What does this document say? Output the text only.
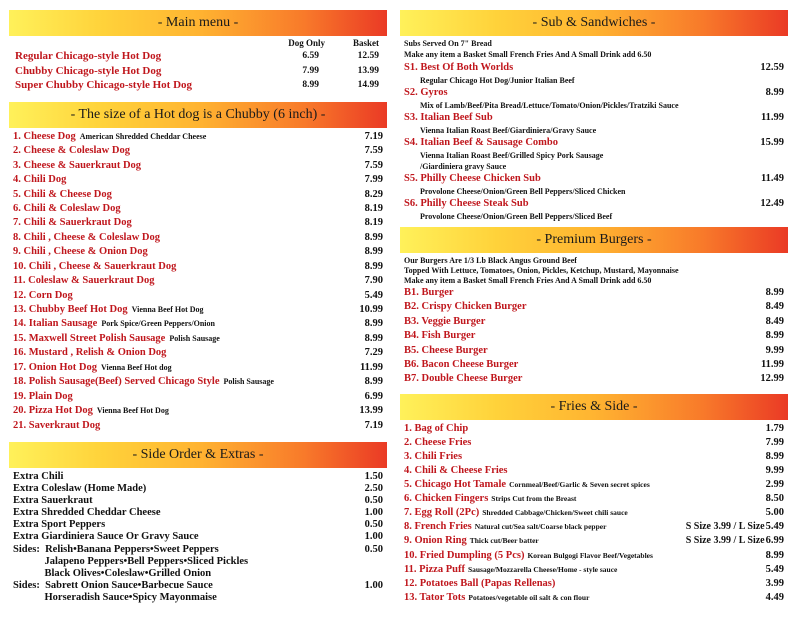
- Main menu -
Dog Only	Basket
Regular Chicago-style Hot Dog	6.59	12.59
Chubby Chicago-style Hot Dog	7.99	13.99
Super Chubby Chicago-style Hot Dog	8.99	14.99
- The size of a Hot dog is a Chubby (6 inch) -
1. Cheese Dog American Shredded Cheddar Cheese	7.19
2. Cheese & Coleslaw Dog	7.59
3. Cheese & Sauerkraut Dog	7.59
4. Chili Dog	7.99
5. Chili & Cheese Dog	8.29
6. Chili & Coleslaw Dog	8.19
7. Chili & Sauerkraut Dog	8.19
8. Chili , Cheese & Coleslaw Dog	8.99
9. Chili , Cheese & Onion Dog	8.99
10. Chili , Cheese & Sauerkraut Dog	8.99
11. Coleslaw & Sauerkraut Dog	7.90
12. Corn Dog	5.49
13. Chubby Beef Hot Dog Vienna Beef Hot Dog	10.99
14. Italian Sausage Pork Spice/Green Peppers/Onion	8.99
15. Maxwell Street Polish Sausage Polish Sausage	8.99
16. Mustard , Relish & Onion Dog	7.29
17. Onion Hot Dog Vienna Beef Hot dog	11.99
18. Polish Sausage(Beef) Served Chicago Style Polish Sausage	8.99
19. Plain Dog	6.99
20. Pizza Hot Dog Vienna Beef Hot Dog	13.99
21. Saverkraut Dog	7.19
- Side Order & Extras -
Extra Chili	1.50
Extra Coleslaw (Home Made)	2.50
Extra Sauerkraut	0.50
Extra Shredded Cheddar Cheese	1.00
Extra Sport Peppers	0.50
Extra Giardiniera Sauce Or Gravy Sauce	1.00
Sides:  Relish•Banana Peppers•Sweet Peppers	0.50
Jalapeno Peppers•Bell Peppers•Sliced Pickles
Black Olives•Coleslaw•Grilled Onion
Sides:  Sabrett Onion Sauce•Barbecue Sauce	1.00
Horseradish Sauce•Spicy Mayonmaise
- Sub & Sandwiches -
Subs Served On 7" Bread
Make any item a Basket Small French Fries And A Small Drink add 6.50
S1. Best Of Both Worlds	12.59
Regular Chicago Hot Dog/Junior Italian Beef
S2. Gyros	8.99
Mix of Lamb/Beef/Pita Bread/Lettuce/Tomato/Onion/Pickles/Tratziki Sauce
S3. Italian Beef Sub	11.99
Vienna Italian Roast Beef/Giardiniera/Gravy Sauce
S4. Italian Beef & Sausage Combo	15.99
Vienna Italian Roast Beef/Grilled Spicy Pork Sausage
/Giardiniera gravy Sauce
S5. Philly Cheese Chicken Sub	11.49
Provolone Cheese/Onion/Green Bell Peppers/Sliced Chicken
S6. Philly Cheese Steak Sub	12.49
Provolone Cheese/Onion/Green Bell Peppers/Sliced Beef
- Premium Burgers -
Our Burgers Are 1/3 Lb Black Angus Ground Beef
Topped With Lettuce, Tomatoes, Onion, Pickles, Ketchup, Mustard, Mayonnaise
Make any item a Basket Small French Fries And A Small Drink add 6.50
B1. Burger	8.99
B2. Crispy Chicken Burger	8.49
B3. Veggie Burger	8.49
B4. Fish Burger	8.99
B5. Cheese Burger	9.99
B6. Bacon Cheese Burger	11.99
B7. Double Cheese Burger	12.99
- Fries & Side -
1. Bag of Chip	1.79
2. Cheese Fries	7.99
3. Chili Fries	8.99
4. Chili & Cheese Fries	9.99
5. Chicago Hot Tamale Cornmeal/Beef/Garlic & Seven secret spices	2.99
6. Chicken Fingers Strips Cut from the Breast	8.50
7. Egg Roll (2Pc) Shredded Cabbage/Chicken/Sweet chili sauce	5.00
8. French Fries Natural cut/Sea salt/Coarse black pepper	S Size 3.99 / L Size 5.49
9. Onion Ring Thick cut/Beer batter	S Size 3.99 / L Size 6.99
10. Fried Dumpling (5 Pcs) Korean Bulgogi Flavor Beef/Vegetables	8.99
11. Pizza Puff Sausage/Mozzarella Cheese/Home - style sauce	5.49
12. Potatoes Ball (Papas Rellenas)	3.99
13. Tator Tots Potatoes/vegetable oil salt & con flour	4.49
